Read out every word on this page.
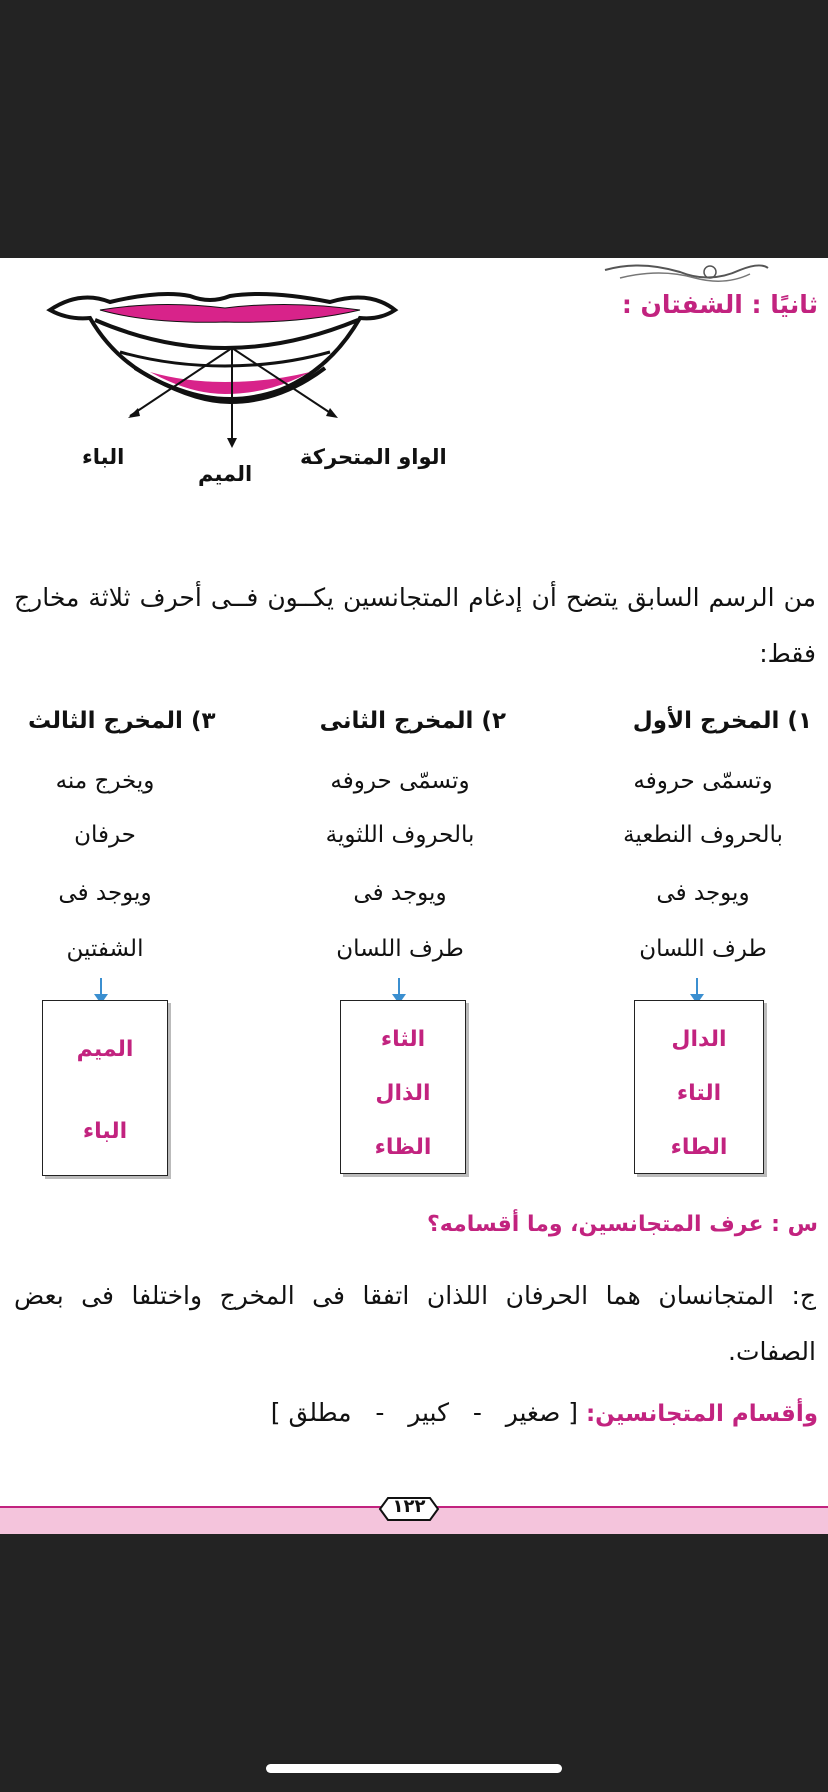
ثانيًا : الشفتان :
الباء
الميم
الواو المتحركة
من الرسم السابق يتضح أن إدغام المتجانسين يكــون فــى أحرف ثلاثة مخارج فقط:
١) المخرج الأول
وتسمّى حروفه
بالحروف النطعية
ويوجد فى
طرف اللسان
الدال
التاء
الطاء
٢) المخرج الثانى
وتسمّى حروفه
بالحروف اللثوية
ويوجد فى
طرف اللسان
الثاء
الذال
الظاء
٣) المخرج الثالث
ويخرج منه
حرفان
ويوجد فى
الشفتين
الميم
الباء
س : عرف المتجانسين، وما أقسامه؟
ج: المتجانسان هما الحرفان اللذان اتفقا فى المخرج واختلفا فى بعض الصفات.
وأقسام المتجانسين: [ صغير   -   كبير   -   مطلق ]
١٢٢
